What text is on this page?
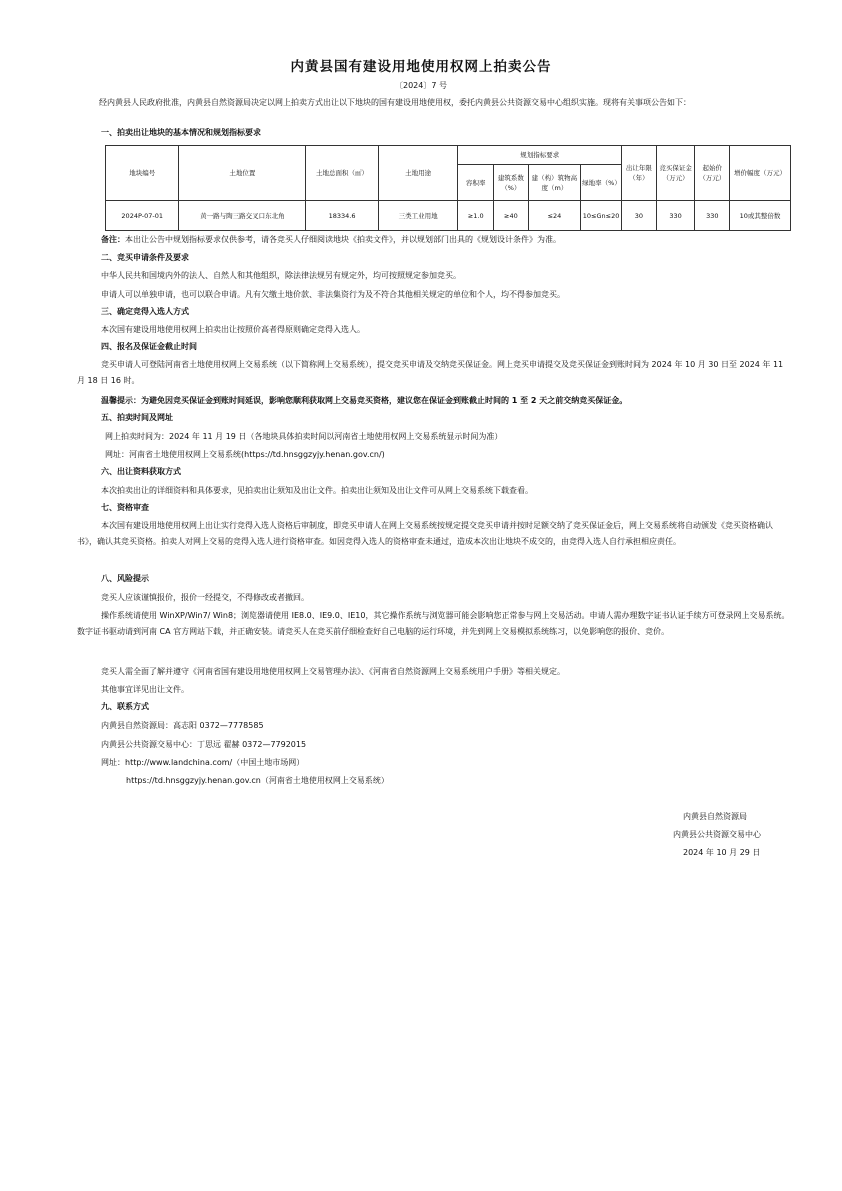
内黄县国有建设用地使用权网上拍卖公告
〔2024〕7 号
经内黄县人民政府批准，内黄县自然资源局决定以网上拍卖方式出让以下地块的国有建设用地使用权，委托内黄县公共资源交易中心组织实施。现将有关事项公告如下：
一、拍卖出让地块的基本情况和规划指标要求
地块编号	土地位置	土地总面积（㎡）	土地用途	规划指标要求				出让年限（年）	竞买保证金（万元）	起始价（万元）	增价幅度（万元）
				容积率	建筑系数（%）	建（构）筑物高度（m）	绿地率（%）				
2024P-07-01	黄一路与陶三路交叉口东北角	18334.6	三类工业用地	≥1.0	≥40	≤24	10≤Gn≤20	30	330	330	10或其整倍数
备注：本出让公告中规划指标要求仅供参考，请各竞买人仔细阅读地块《拍卖文件》，并以规划部门出具的《规划设计条件》为准。
二、竞买申请条件及要求
中华人民共和国境内外的法人、自然人和其他组织，除法律法规另有规定外，均可按照规定参加竞买。
申请人可以单独申请，也可以联合申请。凡有欠缴土地价款、非法集资行为及不符合其他相关规定的单位和个人，均不得参加竞买。
三、确定竞得入选人方式
本次国有建设用地使用权网上拍卖出让按照价高者得原则确定竞得入选人。
四、报名及保证金截止时间
竞买申请人可登陆河南省土地使用权网上交易系统（以下简称网上交易系统），提交竞买申请及交纳竞买保证金。网上竞买申请提交及竞买保证金到账时间为 2024 年 10 月 30 日至 2024 年 11 月 18 日 16 时。
温馨提示：为避免因竞买保证金到账时间延误，影响您顺利获取网上交易竞买资格，建议您在保证金到账截止时间的 1 至 2 天之前交纳竞买保证金。
五、拍卖时间及网址
网上拍卖时间为：2024 年 11 月 19 日（各地块具体拍卖时间以河南省土地使用权网上交易系统显示时间为准）
网址：河南省土地使用权网上交易系统(https://td.hnsggzyjy.henan.gov.cn/)
六、出让资料获取方式
本次拍卖出让的详细资料和具体要求，见拍卖出让须知及出让文件。拍卖出让须知及出让文件可从网上交易系统下载查看。
七、资格审查
本次国有建设用地使用权网上出让实行竞得入选人资格后审制度，即竞买申请人在网上交易系统按规定提交竞买申请并按时足额交纳了竞买保证金后，网上交易系统将自动颁发《竞买资格确认书》，确认其竞买资格。拍卖人对网上交易的竞得入选人进行资格审查。如因竞得入选人的资格审查未通过，造成本次出让地块不成交的，由竞得入选人自行承担相应责任。
八、风险提示
竞买人应该谨慎报价，报价一经提交，不得修改或者撤回。
操作系统请使用 WinXP/Win7/ Win8；浏览器请使用 IE8.0、IE9.0、IE10，其它操作系统与浏览器可能会影响您正常参与网上交易活动。申请人需办理数字证书认证手续方可登录网上交易系统。数字证书驱动请到河南 CA 官方网站下载，并正确安装。请竞买人在竞买前仔细检查好自己电脑的运行环境，并先到网上交易模拟系统练习，以免影响您的报价、竞价。
竞买人需全面了解并遵守《河南省国有建设用地使用权网上交易管理办法》、《河南省自然资源网上交易系统用户手册》等相关规定。
其他事宜详见出让文件。
九、联系方式
内黄县自然资源局：高志阳 0372—7778585
内黄县公共资源交易中心：丁思远 翟赫 0372—7792015
网址：http://www.landchina.com/（中国土地市场网）
https://td.hnsggzyjy.henan.gov.cn（河南省土地使用权网上交易系统）
内黄县自然资源局
内黄县公共资源交易中心
2024 年 10 月 29 日
